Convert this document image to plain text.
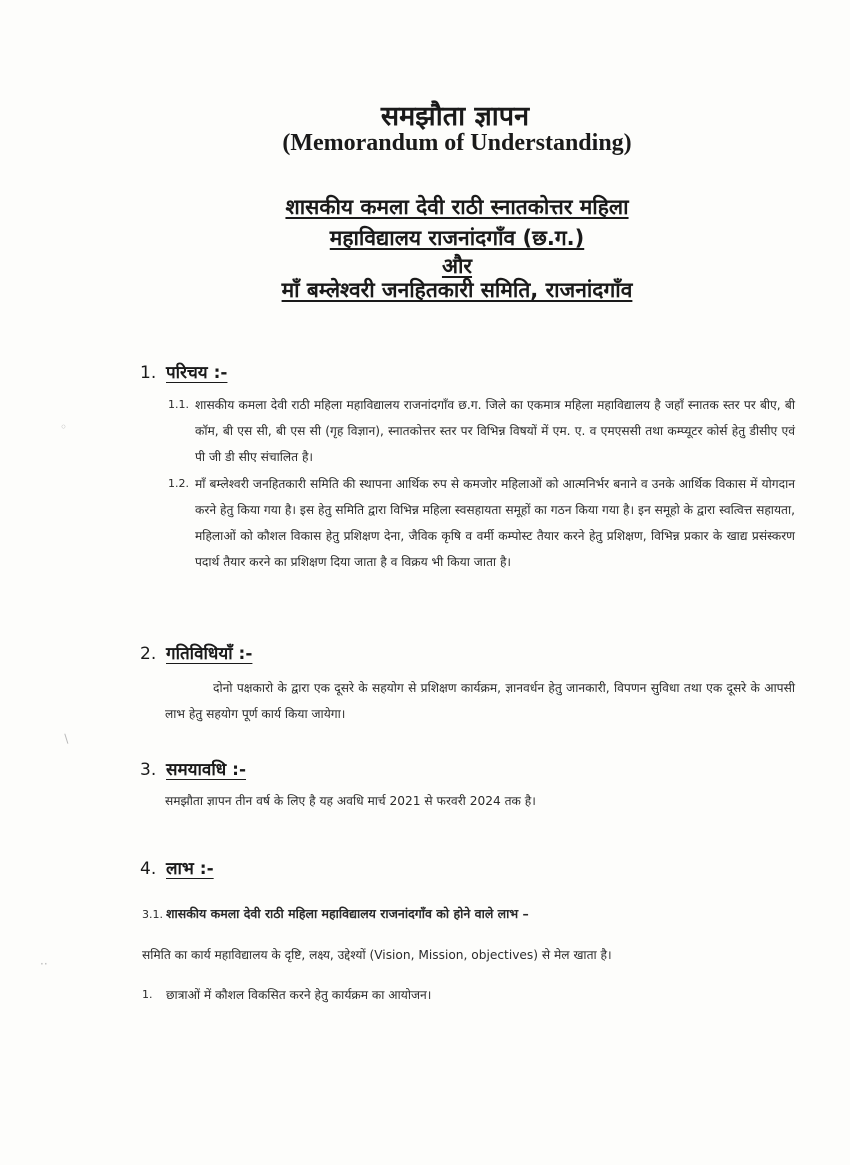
समझौता ज्ञापन
(Memorandum of Understanding)
शासकीय कमला देवी राठी स्नातकोत्तर महिला
महाविद्यालय राजनांदगाँव (छ.ग.)
और
माँ बम्लेश्वरी जनहितकारी समिति, राजनांदगाँव
1. परिचय :-
1.1. शासकीय कमला देवी राठी महिला महाविद्यालय राजनांदगाँव छ.ग. जिले का एकमात्र महिला महाविद्यालय है जहाँ स्नातक स्तर पर बीए, बी कॉम, बी एस सी, बी एस सी (गृह विज्ञान), स्नातकोत्तर स्तर पर विभिन्न विषयों में एम. ए. व एमएससी तथा कम्प्यूटर कोर्स हेतु डीसीए एवं पी जी डी सीए संचालित है।
1.2. माँ बम्लेश्वरी जनहितकारी समिति की स्थापना आर्थिक रुप से कमजोर महिलाओं को आत्मनिर्भर बनाने व उनके आर्थिक विकास में योगदान करने हेतु किया गया है। इस हेतु समिति द्वारा विभिन्न महिला स्वसहायता समूहों का गठन किया गया है। इन समूहो के द्वारा स्वत्वित्त सहायता, महिलाओं को कौशल विकास हेतु प्रशिक्षण देना, जैविक कृषि व वर्मी कम्पोस्ट तैयार करने हेतु प्रशिक्षण, विभिन्न प्रकार के खाद्य प्रसंस्करण पदार्थ तैयार करने का प्रशिक्षण दिया जाता है व विक्रय भी किया जाता है।
2. गतिविधियाँ :-
दोनो पक्षकारो के द्वारा एक दूसरे के सहयोग से प्रशिक्षण कार्यक्रम, ज्ञानवर्धन हेतु जानकारी, विपणन सुविधा तथा एक दूसरे के आपसी लाभ हेतु सहयोग पूर्ण कार्य किया जायेगा।
3. समयावधि :-
समझौता ज्ञापन तीन वर्ष के लिए है यह अवधि मार्च 2021 से फरवरी 2024 तक है।
4. लाभ :-
3.1. शासकीय कमला देवी राठी महिला महाविद्यालय राजनांदगाँव को होने वाले लाभ –
समिति का कार्य महाविद्यालय के दृष्टि, लक्ष्य, उद्देश्यों (Vision, Mission, objectives) से मेल खाता है।
1. छात्राओं में कौशल विकसित करने हेतु कार्यक्रम का आयोजन।
◦
∖
··
